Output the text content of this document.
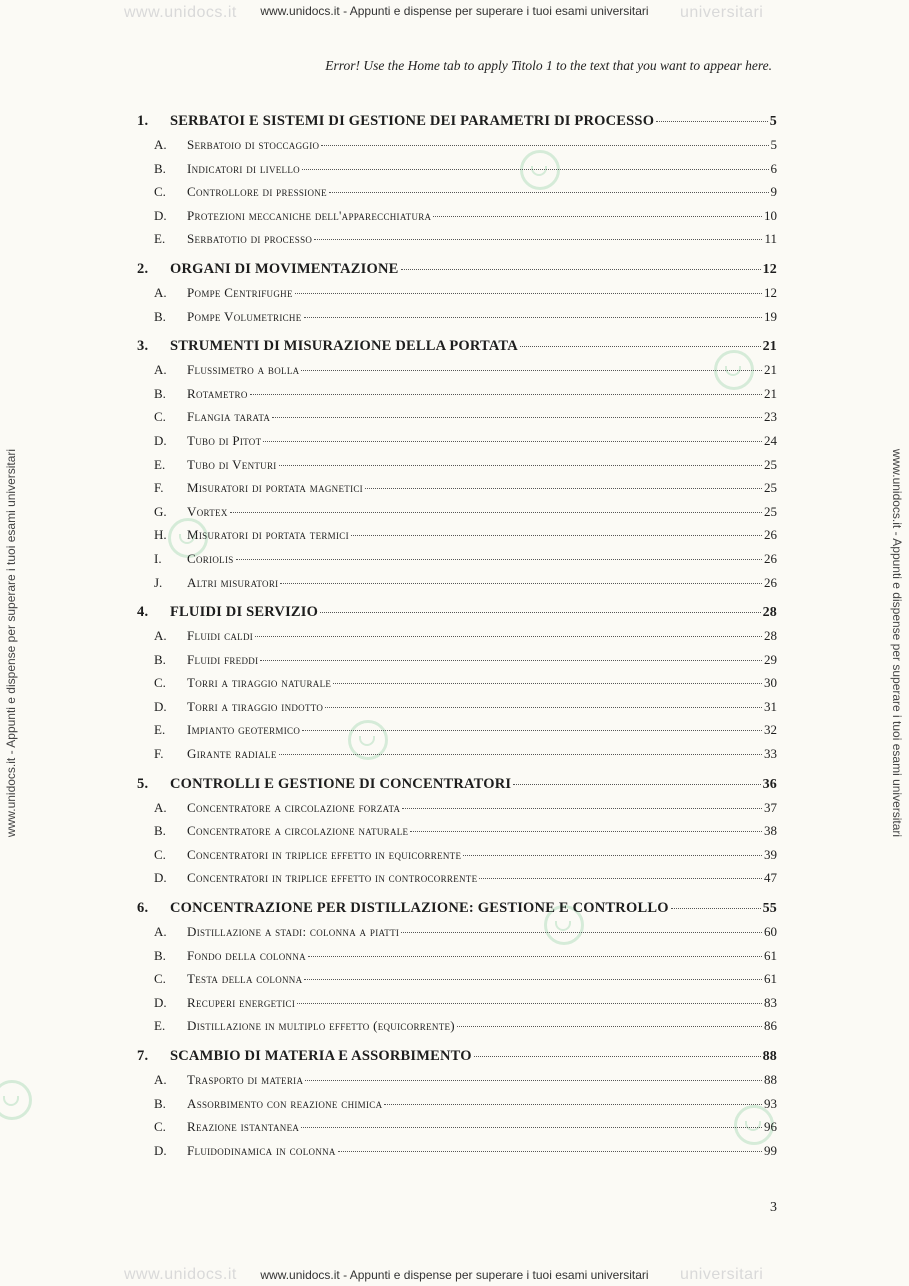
www.unidocs.it	universitari
www.unidocs.it	universitari
www.unidocs.it - Appunti e dispense per superare i tuoi esami universitari
www.unidocs.it - Appunti e dispense per superare i tuoi esami universitari
www.unidocs.it - Appunti e dispense per superare i tuoi esami universitari	www.unidocs.it - Appunti e dispense per superare i tuoi esami universitari
Error! Use the Home tab to apply Titolo 1 to the text that you want to appear here.
1.	SERBATOI E SISTEMI DI GESTIONE DEI PARAMETRI DI PROCESSO	5
A.	Serbatoio di stoccaggio	5
B.	Indicatori di livello	6
C.	Controllore di pressione	9
D.	Protezioni meccaniche dell'apparecchiatura	10
E.	Serbatotio di processo	11
2.	ORGANI DI MOVIMENTAZIONE	12
A.	Pompe Centrifughe	12
B.	Pompe Volumetriche	19
3.	STRUMENTI DI MISURAZIONE DELLA PORTATA	21
A.	Flussimetro a bolla	21
B.	Rotametro	21
C.	Flangia tarata	23
D.	Tubo di Pitot	24
E.	Tubo di Venturi	25
F.	Misuratori di portata magnetici	25
G.	Vortex	25
H.	Misuratori di portata termici	26
I.	Coriolis	26
J.	Altri misuratori	26
4.	FLUIDI DI SERVIZIO	28
A.	Fluidi caldi	28
B.	Fluidi freddi	29
C.	Torri a tiraggio naturale	30
D.	Torri a tiraggio indotto	31
E.	Impianto geotermico	32
F.	Girante radiale	33
5.	CONTROLLI E GESTIONE DI CONCENTRATORI	36
A.	Concentratore a circolazione forzata	37
B.	Concentratore a circolazione naturale	38
C.	Concentratori in triplice effetto in equicorrente	39
D.	Concentratori in triplice effetto in controcorrente	47
6.	CONCENTRAZIONE PER DISTILLAZIONE: GESTIONE E CONTROLLO	55
A.	Distillazione a stadi: colonna a piatti	60
B.	Fondo della colonna	61
C.	Testa della colonna	61
D.	Recuperi energetici	83
E.	Distillazione in multiplo effetto (equicorrente)	86
7.	SCAMBIO DI MATERIA E ASSORBIMENTO	88
A.	Trasporto di materia	88
B.	Assorbimento con reazione chimica	93
C.	Reazione istantanea	96
D.	Fluidodinamica in colonna	99
3
